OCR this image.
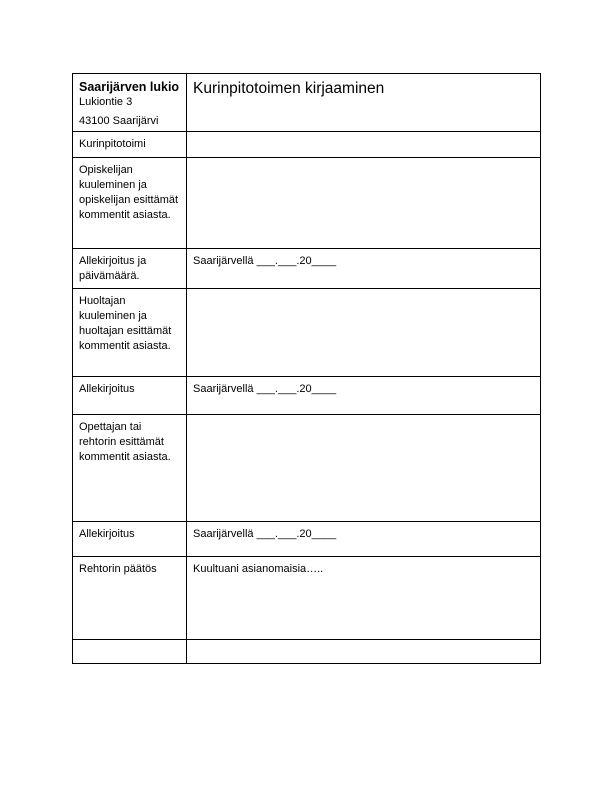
Saarijärven lukio
Lukiontie 3
43100 Saarijärvi	Kurinpitotoimen kirjaaminen

Kurinpitotoimi	
Opiskelijan kuuleminen ja opiskelijan esittämät kommentit asiasta.	
Allekirjoitus ja päivämäärä.	Saarijärvellä ___.___.20____
Huoltajan kuuleminen ja huoltajan esittämät kommentit asiasta.	
Allekirjoitus	Saarijärvellä ___.___.20____
Opettajan tai rehtorin esittämät kommentit asiasta.	
Allekirjoitus	Saarijärvellä ___.___.20____
Rehtorin päätös	Kuultuani asianomaisia…..
